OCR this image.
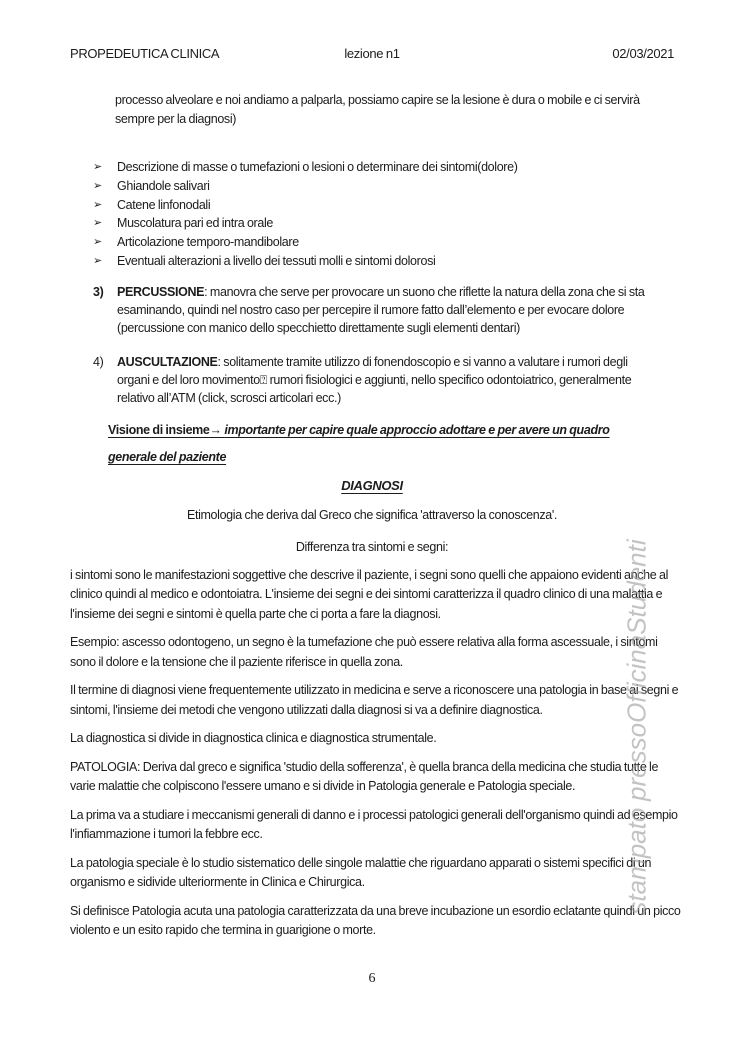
PROPEDEUTICA CLINICA	lezione n1	02/03/2021

processo alveolare e noi andiamo a palparla, possiamo capire se la lesione è dura o mobile e ci servirà sempre per la diagnosi)

➢	Descrizione di masse o tumefazioni o lesioni o determinare dei sintomi(dolore)
➢	Ghiandole salivari
➢	Catene linfonodali
➢	Muscolatura pari ed intra orale
➢	Articolazione temporo-mandibolare
➢	Eventuali alterazioni a livello dei tessuti molli e sintomi dolorosi
3)	PERCUSSIONE: manovra che serve per provocare un suono che riflette la natura della zona che si sta esaminando, quindi nel nostro caso per percepire il rumore fatto dall’elemento e per evocare dolore (percussione con manico dello specchietto direttamente sugli elementi dentari)
4)	AUSCULTAZIONE: solitamente tramite utilizzo di fonendoscopio e si vanno a valutare i rumori degli organi e del loro movimento⍰ rumori fisiologici e aggiunti, nello specifico odontoiatrico, generalmente relativo all’ATM (click, scrosci articolari ecc.)

Visione di insieme→ importante per capire quale approccio adottare e per avere un quadro generale del paziente

DIAGNOSI

Etimologia che deriva dal Greco che significa 'attraverso la conoscenza'.

Differenza tra sintomi e segni:

i sintomi sono le manifestazioni soggettive che descrive il paziente, i segni sono quelli che appaiono evidenti anche al clinico quindi al medico e odontoiatra. L'insieme dei segni e dei sintomi caratterizza il quadro clinico di una malattia e l'insieme dei segni e sintomi è quella parte che ci porta a fare la diagnosi.

Esempio: ascesso odontogeno, un segno è la tumefazione che può essere relativa alla forma ascessuale, i sintomi sono il dolore e la tensione che il paziente riferisce in quella zona.

Il termine di diagnosi viene frequentemente utilizzato in medicina e serve a riconoscere una patologia in base ai segni e sintomi, l'insieme dei metodi che vengono utilizzati dalla diagnosi si va a definire diagnostica.

La diagnostica si divide in diagnostica clinica e diagnostica strumentale.

PATOLOGIA: Deriva dal greco e significa 'studio della sofferenza', è quella branca della medicina che studia tutte le varie malattie che colpiscono l'essere umano e si divide in Patologia generale e Patologia speciale.

La prima va a studiare i meccanismi generali di danno e i processi patologici generali dell'organismo quindi ad esempio l'infiammazione i tumori la febbre ecc.

La patologia speciale è lo studio sistematico delle singole malattie che riguardano apparati o sistemi specifici di un organismo e sidivide ulteriormente in Clinica e Chirurgica.

Si definisce Patologia acuta una patologia caratterizzata da una breve incubazione un esordio eclatante quindi un picco violento e un esito rapido che termina in guarigione o morte.

stampato pressoOfficinaStudenti
6
